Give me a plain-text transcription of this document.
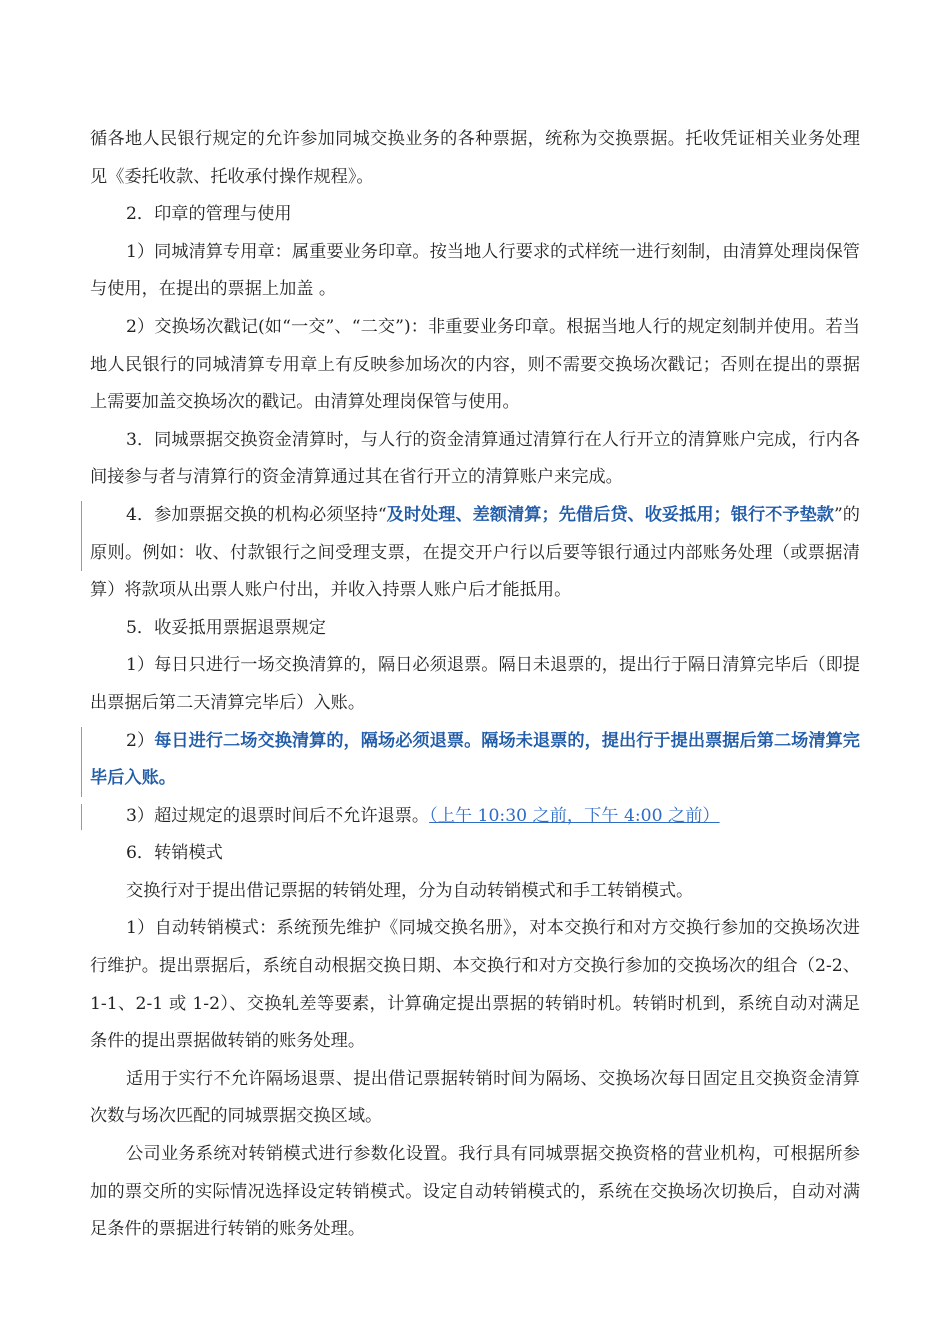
循各地人民银行规定的允许参加同城交换业务的各种票据，统称为交换票据。托收凭证相关业务处理见《委托收款、托收承付操作规程》。

2．印章的管理与使用

1）同城清算专用章：属重要业务印章。按当地人行要求的式样统一进行刻制，由清算处理岗保管与使用，在提出的票据上加盖 。

2）交换场次戳记(如“一交”、“二交”)：非重要业务印章。根据当地人行的规定刻制并使用。若当地人民银行的同城清算专用章上有反映参加场次的内容，则不需要交换场次戳记；否则在提出的票据上需要加盖交换场次的戳记。由清算处理岗保管与使用。

3．同城票据交换资金清算时，与人行的资金清算通过清算行在人行开立的清算账户完成，行内各间接参与者与清算行的资金清算通过其在省行开立的清算账户来完成。

4．参加票据交换的机构必须坚持“及时处理、差额清算；先借后贷、收妥抵用；银行不予垫款”的原则。例如：收、付款银行之间受理支票，在提交开户行以后要等银行通过内部账务处理（或票据清算）将款项从出票人账户付出，并收入持票人账户后才能抵用。

5．收妥抵用票据退票规定

1）每日只进行一场交换清算的，隔日必须退票。隔日未退票的，提出行于隔日清算完毕后（即提出票据后第二天清算完毕后）入账。

2）每日进行二场交换清算的，隔场必须退票。隔场未退票的，提出行于提出票据后第二场清算完毕后入账。

3）超过规定的退票时间后不允许退票。（上午 10:30 之前，下午 4:00 之前）

6．转销模式

交换行对于提出借记票据的转销处理，分为自动转销模式和手工转销模式。

1）自动转销模式：系统预先维护《同城交换名册》，对本交换行和对方交换行参加的交换场次进行维护。提出票据后，系统自动根据交换日期、本交换行和对方交换行参加的交换场次的组合（2-2、1-1、2-1 或 1-2）、交换轧差等要素，计算确定提出票据的转销时机。转销时机到，系统自动对满足条件的提出票据做转销的账务处理。

适用于实行不允许隔场退票、提出借记票据转销时间为隔场、交换场次每日固定且交换资金清算次数与场次匹配的同城票据交换区域。

公司业务系统对转销模式进行参数化设置。我行具有同城票据交换资格的营业机构，可根据所参加的票交所的实际情况选择设定转销模式。设定自动转销模式的，系统在交换场次切换后，自动对满足条件的票据进行转销的账务处理。
